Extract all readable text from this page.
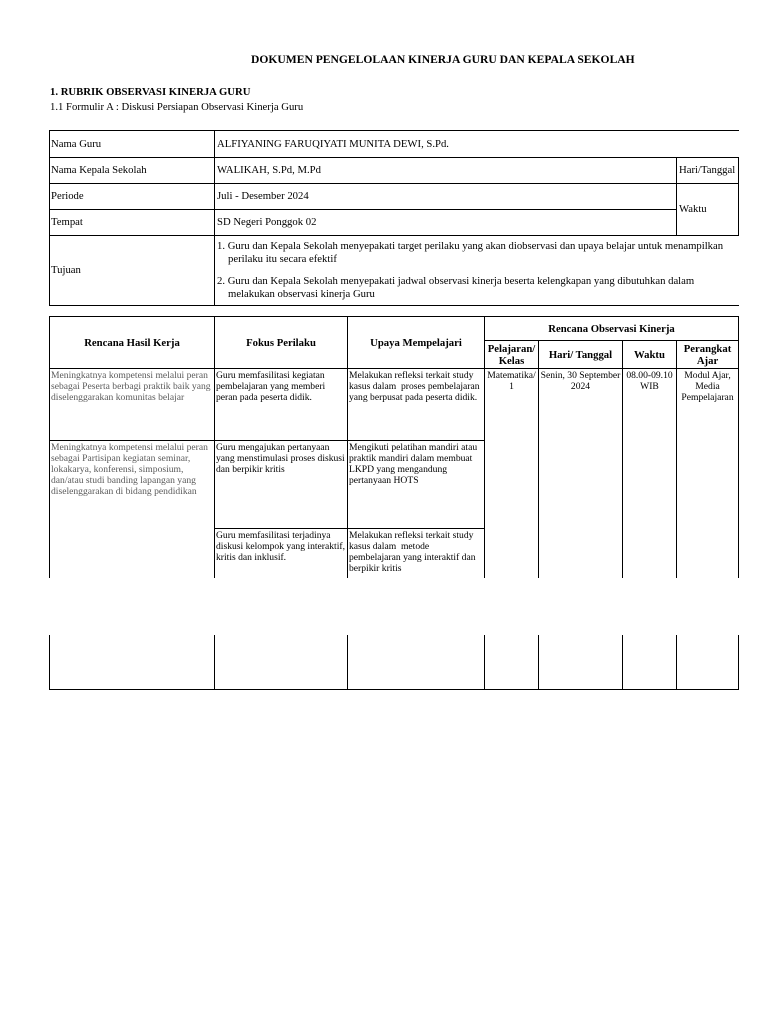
DOKUMEN PENGELOLAAN KINERJA GURU DAN KEPALA SEKOLAH
1. RUBRIK OBSERVASI KINERJA GURU
1.1 Formulir A : Diskusi Persiapan Observasi Kinerja Guru
Nama Guru	ALFIYANING FARUQIYATI MUNITA DEWI, S.Pd.	
Nama Kepala Sekolah	WALIKAH, S.Pd, M.Pd	Hari/Tanggal
Periode	Juli - Desember 2024	Waktu
Tempat	SD Negeri Ponggok 02	
Tujuan	1. Guru dan Kepala Sekolah menyepakati target perilaku yang akan diobservasi dan upaya belajar untuk menampilkan perilaku itu secara efektif
2. Guru dan Kepala Sekolah menyepakati jadwal observasi kinerja beserta kelengkapan yang dibutuhkan dalam melakukan observasi kinerja Guru	
Rencana Hasil Kerja	Fokus Perilaku	Upaya Mempelajari	Rencana Observasi Kinerja			
			Pelajaran/ Kelas	Hari/ Tanggal	Waktu	Perangkat Ajar
Meningkatnya kompetensi melalui peran sebagai Peserta berbagi praktik baik yang diselenggarakan komunitas belajar	Guru memfasilitasi kegiatan pembelajaran yang memberi peran pada peserta didik.	Melakukan refleksi terkait study kasus dalam  proses pembelajaran yang berpusat pada peserta didik.	Matematika/ 1	Senin, 30 September 2024	08.00-09.10 WIB	Modul Ajar, Media Pempelajaran
Meningkatnya kompetensi melalui peran sebagai Partisipan kegiatan seminar, lokakarya, konferensi, simposium, dan/atau studi banding lapangan yang diselenggarakan di bidang pendidikan	Guru mengajukan pertanyaan yang menstimulasi proses diskusi dan berpikir kritis	Mengikuti pelatihan mandiri atau praktik mandiri dalam membuat LKPD yang mengandung pertanyaan HOTS				
	Guru memfasilitasi terjadinya diskusi kelompok yang interaktif, kritis dan inklusif.	Melakukan refleksi terkait study kasus dalam  metode pembelajaran yang interaktif dan berpikir kritis				
